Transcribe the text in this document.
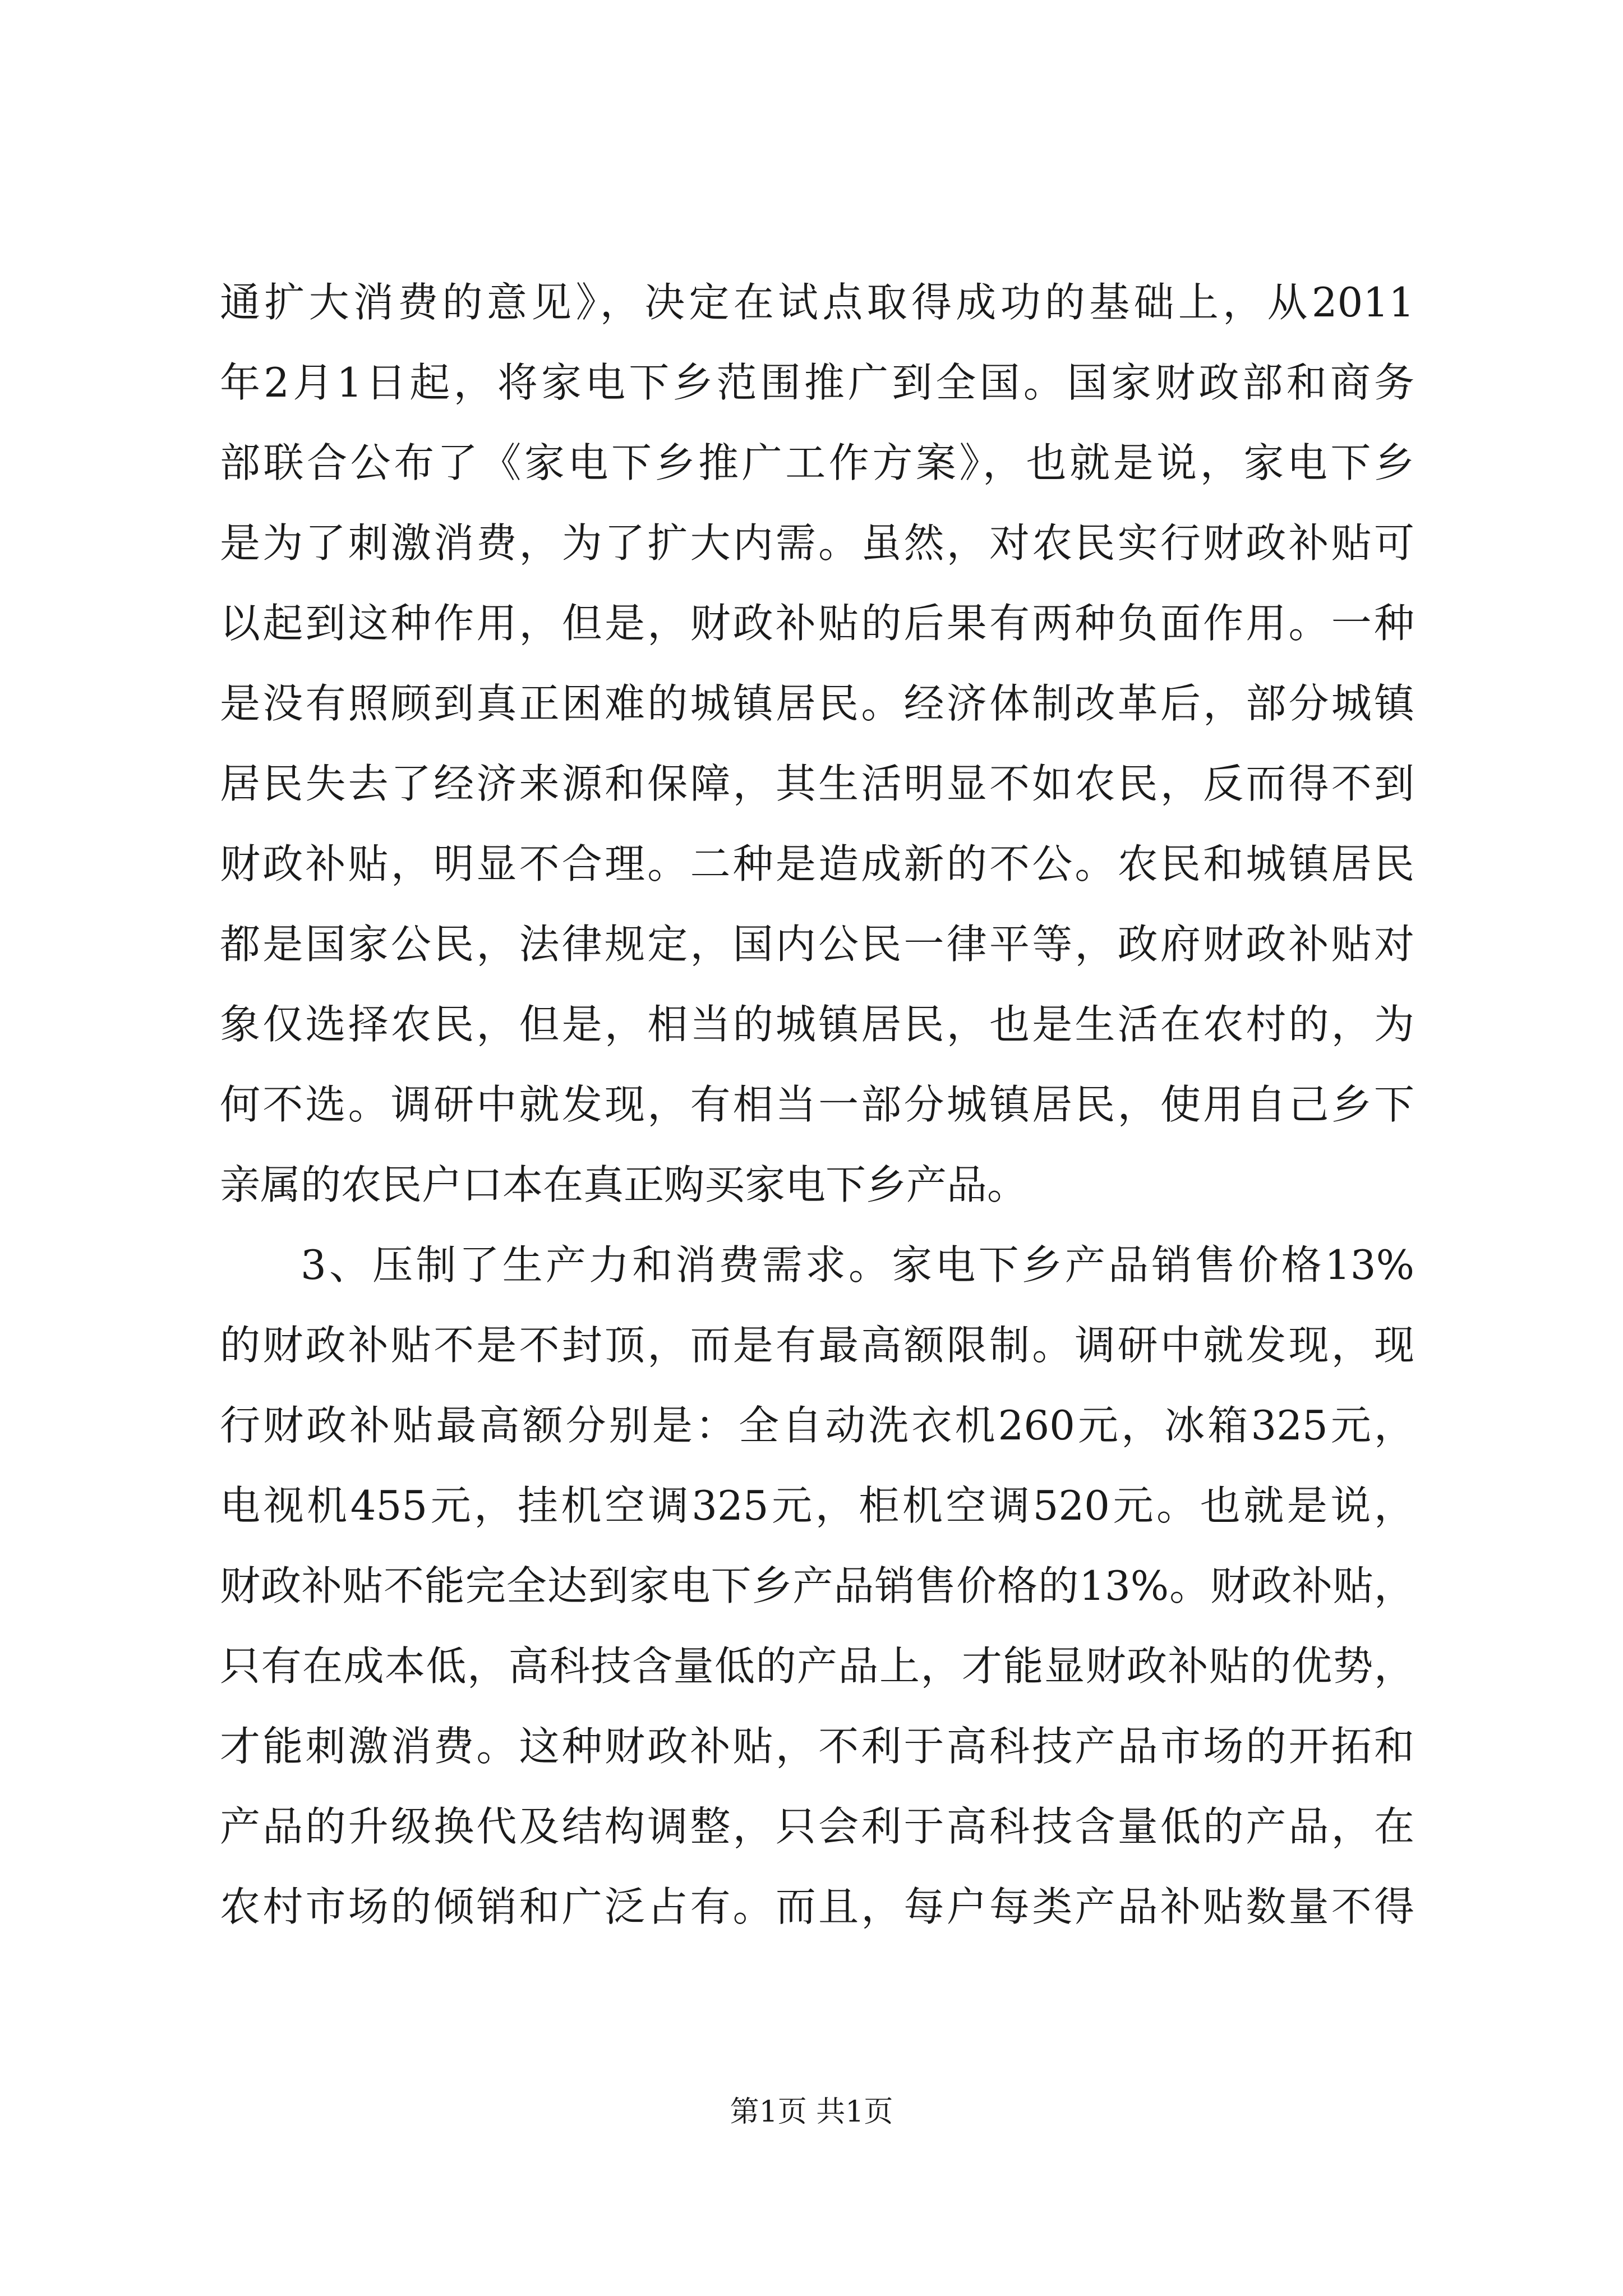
通扩大消费的意见》，决定在试点取得成功的基础上，从2011
年2月1日起，将家电下乡范围推广到全国。国家财政部和商务
部联合公布了《家电下乡推广工作方案》，也就是说，家电下乡
是为了刺激消费，为了扩大内需。虽然，对农民实行财政补贴可
以起到这种作用，但是，财政补贴的后果有两种负面作用。一种
是没有照顾到真正困难的城镇居民。经济体制改革后，部分城镇
居民失去了经济来源和保障，其生活明显不如农民，反而得不到
财政补贴，明显不合理。二种是造成新的不公。农民和城镇居民
都是国家公民，法律规定，国内公民一律平等，政府财政补贴对
象仅选择农民，但是，相当的城镇居民，也是生活在农村的，为
何不选。调研中就发现，有相当一部分城镇居民，使用自己乡下
亲属的农民户口本在真正购买家电下乡产品。
3、压制了生产力和消费需求。家电下乡产品销售价格13%
的财政补贴不是不封顶，而是有最高额限制。调研中就发现，现
行财政补贴最高额分别是：全自动洗衣机260元，冰箱325元，
电视机455元，挂机空调325元，柜机空调520元。也就是说，
财政补贴不能完全达到家电下乡产品销售价格的13%。财政补贴，
只有在成本低，高科技含量低的产品上，才能显财政补贴的优势，
才能刺激消费。这种财政补贴，不利于高科技产品市场的开拓和
产品的升级换代及结构调整，只会利于高科技含量低的产品，在
农村市场的倾销和广泛占有。而且，每户每类产品补贴数量不得
第1页 共1页
